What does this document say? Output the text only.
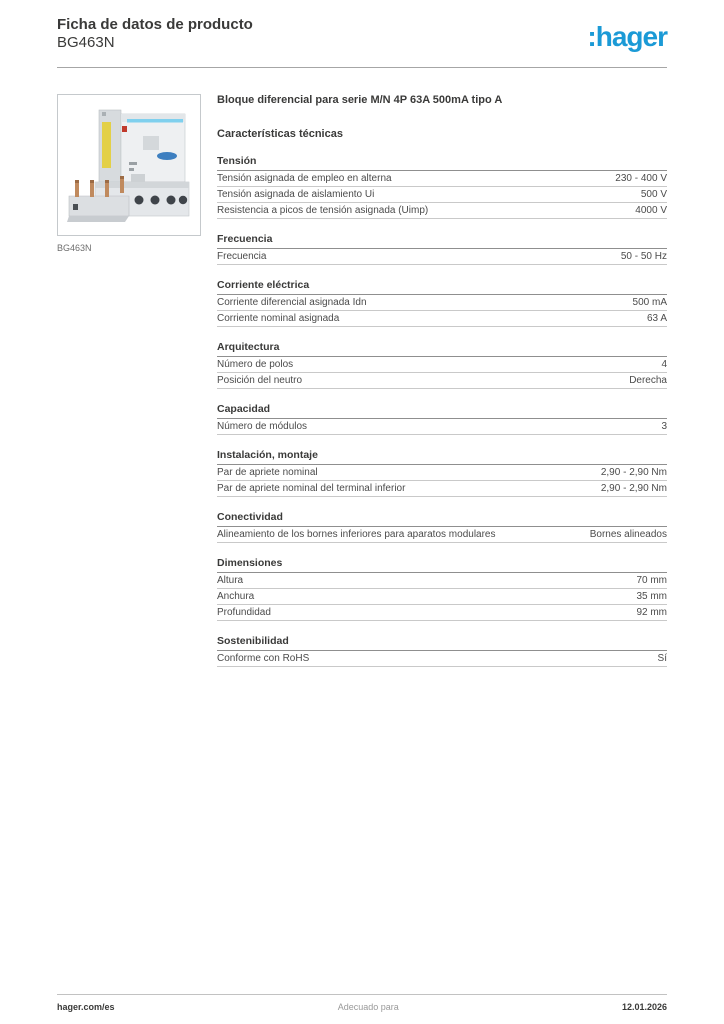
Ficha de datos de producto
BG463N	:hager
BG463N
Bloque diferencial para serie M/N 4P 63A 500mA tipo A
Características técnicas
Tensión
Tensión asignada de empleo en alterna	230 - 400 V
Tensión asignada de aislamiento Ui	500 V
Resistencia a picos de tensión asignada (Uimp)	4000 V
Frecuencia
Frecuencia	50 - 50 Hz
Corriente eléctrica
Corriente diferencial asignada Idn	500 mA
Corriente nominal asignada	63 A
Arquitectura
Número de polos	4
Posición del neutro	Derecha
Capacidad
Número de módulos	3
Instalación, montaje
Par de apriete nominal	2,90 - 2,90 Nm
Par de apriete nominal del terminal inferior	2,90 - 2,90 Nm
Conectividad
Alineamiento de los bornes inferiores para aparatos modulares	Bornes alineados
Dimensiones
Altura	70 mm
Anchura	35 mm
Profundidad	92 mm
Sostenibilidad
Conforme con RoHS	Sí
hager.com/es	Adecuado para	12.01.2026
